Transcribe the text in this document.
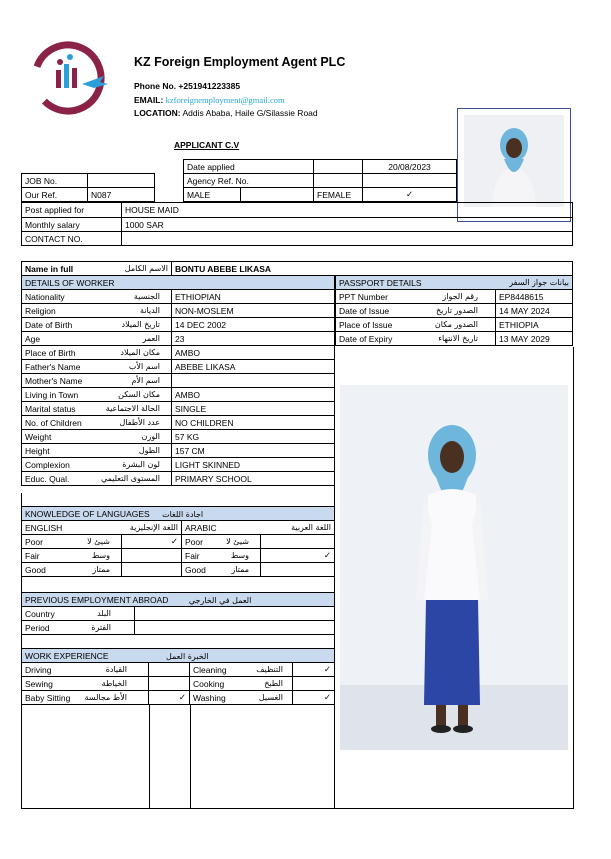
KZ Foreign Employment Agent PLC
Phone No. +251941223385
EMAIL: kzforeignemployment@gmail.com
LOCATION: Addis Ababa, Haile G/Silassie Road
APPLICANT C.V
Date applied			20/08/2023
Agency Ref. No.			
MALE		FEMALE	✓
JOB No.	
Our Ref.	N087
Post applied for	HOUSE MAID
Monthly salary	1000 SAR
CONTACT NO.	
Name in full	الاسم الكامل	BONTU ABEBE LIKASA
DETAILS OF WORKER	
Nationality الجنسية	ETHIOPIAN
Religion الديانة	NON-MOSLEM
Date of Birth تاريخ الميلاد	14 DEC 2002
Age العمر	23
Place of Birth مكان الميلاد	AMBO
Father's Name اسم الأب	ABEBE LIKASA
Mother's Name اسم الأم	

Living in Town مكان السكن	AMBO
Marital status الحالة الاجتماعية	SINGLE
No. of Children عدد الأطفال	NO CHILDREN
Weight الوزن	57 KG
Height الطول	157 CM
Complexion لون البشرة	LIGHT SKINNED
Educ. Qual. المستوى التعليمي	PRIMARY SCHOOL
PASSPORT DETAILS بيانات جواز السفر	

PPT Number رقم الجواز	EP8448615
Date of Issue الصدور تاريخ	14 MAY 2024
Place of Issue الصدور مكان	ETHIOPIA
Date of Expiry تاريخ الانتهاء	13 MAY 2029
KNOWLEDGE OF LANGUAGES اجادة اللغات			
ENGLISH اللغة الإنجليزية		ARABIC اللغة العربية	

Poor شيئ لا	✓	Poor شيئ لا	

Fair وسط		Fair وسط	✓
Good ممتاز		Good ممتاز	

PREVIOUS EMPLOYMENT ABROAD العمل في الخارجي	
Country البلد	

Period الفترة	

WORK EXPERIENCE الخبرة العمل			
Driving القيادة		Cleaning التنظيف	✓
Sewing الخياطة		Cooking الطبخ	

Baby Sitting الأط مجالسة	✓	Washing الغسيل	✓
